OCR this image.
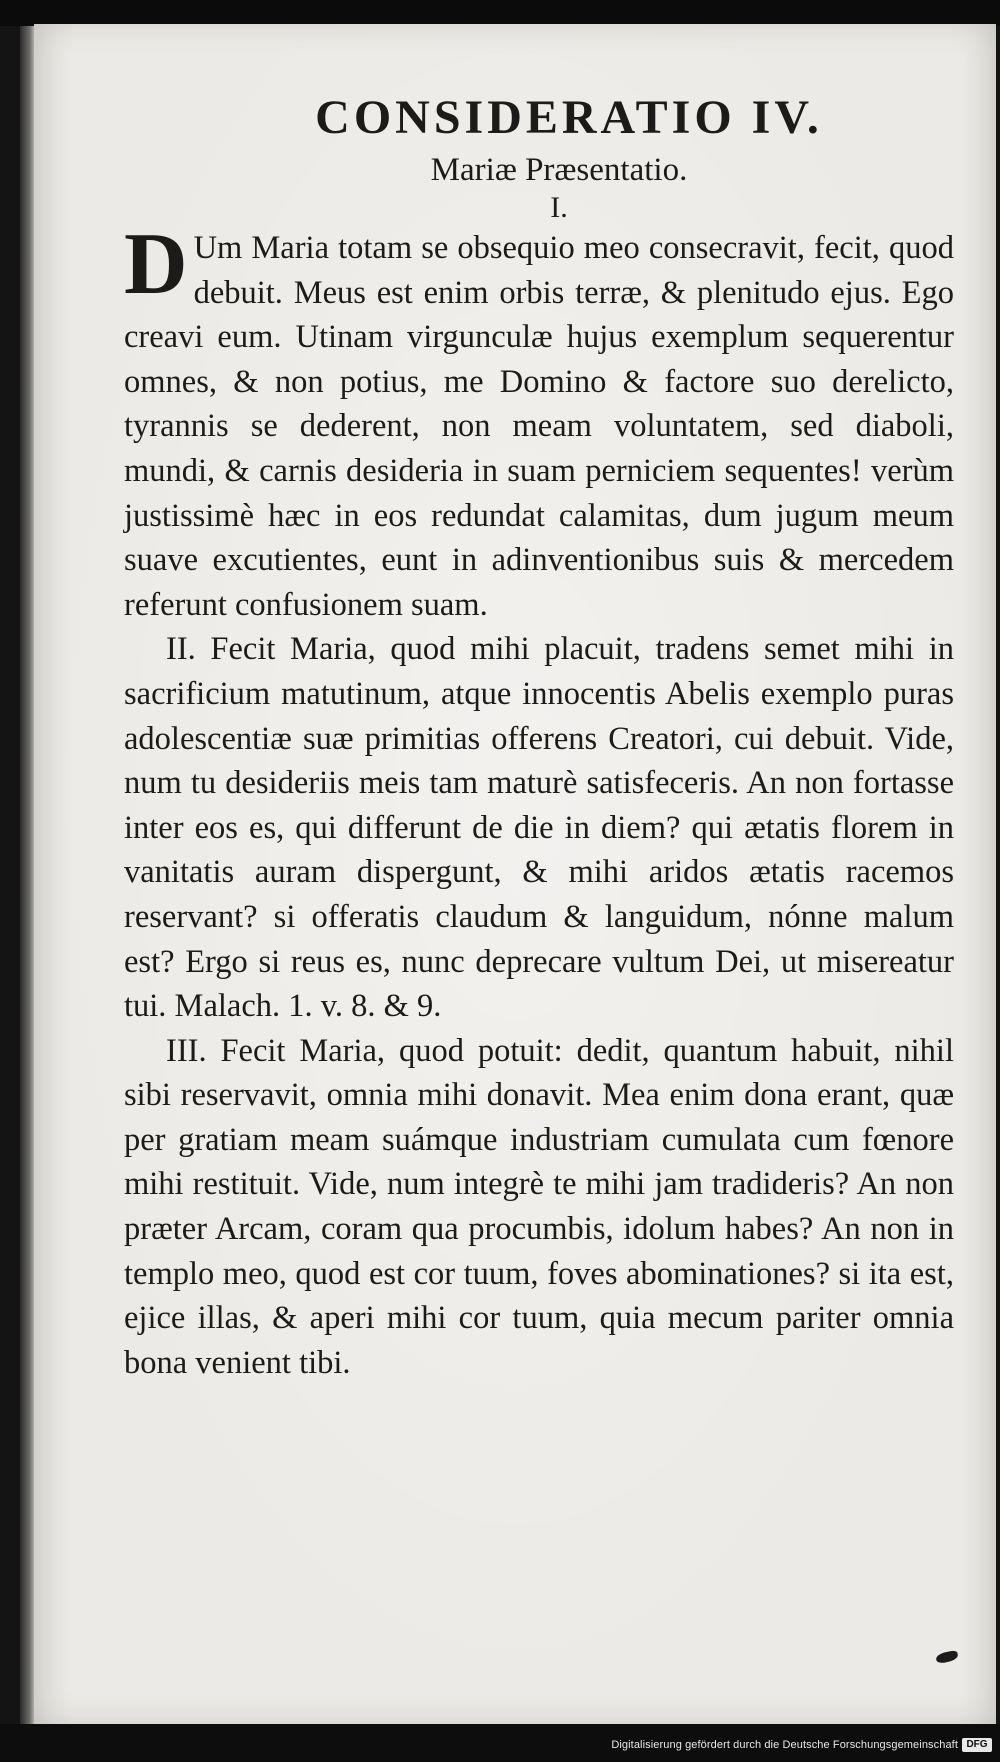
CONSIDERATIO IV.
Mariæ Præsentatio.
I.

D Um Maria totam se obsequio meo consecravit, fecit, quod debuit. Meus est enim orbis terræ, & plenitudo ejus. Ego creavi eum. Utinam virgunculæ hujus exemplum sequerentur omnes, & non potius, me Domino & factore suo derelicto, tyrannis se dederent, non meam voluntatem, sed diaboli, mundi, & carnis desideria in suam perniciem sequentes! verùm justissimè hæc in eos redundat calamitas, dum jugum meum suave excutientes, eunt in adinventionibus suis & mercedem referunt confusionem suam.

II. Fecit Maria, quod mihi placuit, tradens semet mihi in sacrificium matutinum, atque innocentis Abelis exemplo puras adolescentiæ suæ primitias offerens Creatori, cui debuit. Vide, num tu desideriis meis tam maturè satisfeceris. An non fortasse inter eos es, qui differunt de die in diem? qui ætatis florem in vanitatis auram dispergunt, & mihi aridos ætatis racemos reservant? si offeratis claudum & languidum, nónne malum est? Ergo si reus es, nunc deprecare vultum Dei, ut misereatur tui. Malach. 1. v. 8. & 9.

III. Fecit Maria, quod potuit: dedit, quantum habuit, nihil sibi reservavit, omnia mihi donavit. Mea enim dona erant, quæ per gratiam meam suámque industriam cumulata cum fœnore mihi restituit. Vide, num integrè te mihi jam tradideris? An non præter Arcam, coram qua procumbis, idolum habes? An non in templo meo, quod est cor tuum, foves abominationes? si ita est, ejice illas, & aperi mihi cor tuum, quia mecum pariter omnia bona venient tibi.

Digitalisierung gefördert durch die Deutsche Forschungsgemeinschaft DFG
